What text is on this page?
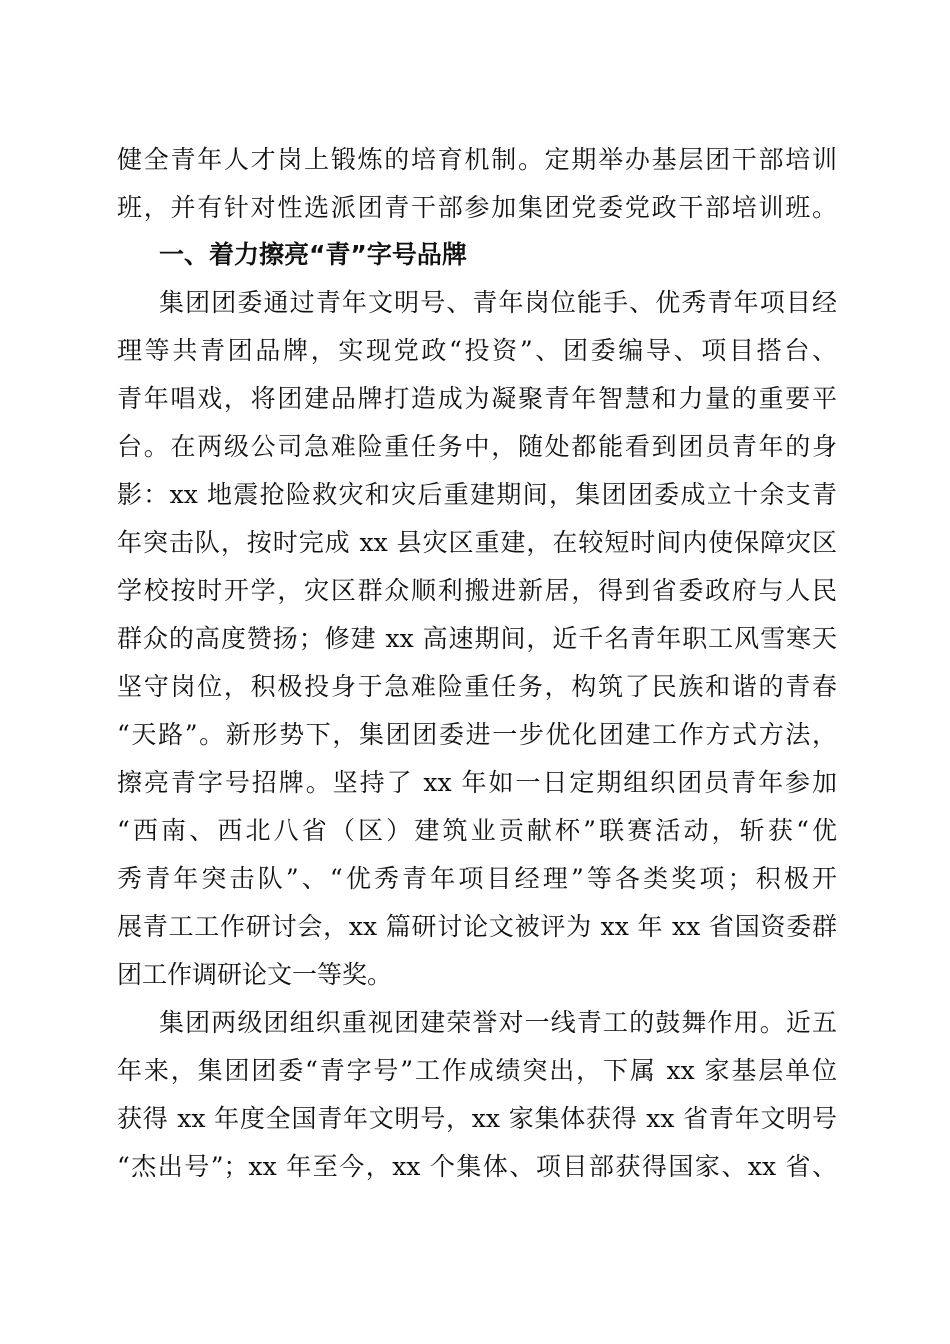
健全青年人才岗上锻炼的培育机制。定期举办基层团干部培训
班，并有针对性选派团青干部参加集团党委党政干部培训班。
一、着力擦亮“青”字号品牌
集团团委通过青年文明号、青年岗位能手、优秀青年项目经
理等共青团品牌，实现党政“投资”、团委编导、项目搭台、
青年唱戏，将团建品牌打造成为凝聚青年智慧和力量的重要平
台。在两级公司急难险重任务中，随处都能看到团员青年的身
影：xx 地震抢险救灾和灾后重建期间，集团团委成立十余支青
年突击队，按时完成 xx 县灾区重建，在较短时间内使保障灾区
学校按时开学，灾区群众顺利搬进新居，得到省委政府与人民
群众的高度赞扬；修建 xx 高速期间，近千名青年职工风雪寒天
坚守岗位，积极投身于急难险重任务，构筑了民族和谐的青春
“天路”。新形势下，集团团委进一步优化团建工作方式方法，
擦亮青字号招牌。坚持了 xx 年如一日定期组织团员青年参加
“西南、西北八省（区）建筑业贡献杯”联赛活动，斩获“优
秀青年突击队”、“优秀青年项目经理”等各类奖项；积极开
展青工工作研讨会，xx 篇研讨论文被评为 xx 年 xx 省国资委群
团工作调研论文一等奖。
集团两级团组织重视团建荣誉对一线青工的鼓舞作用。近五
年来，集团团委“青字号”工作成绩突出，下属 xx 家基层单位
获得 xx 年度全国青年文明号，xx 家集体获得 xx 省青年文明号
“杰出号”；xx 年至今，xx 个集体、项目部获得国家、xx 省、
